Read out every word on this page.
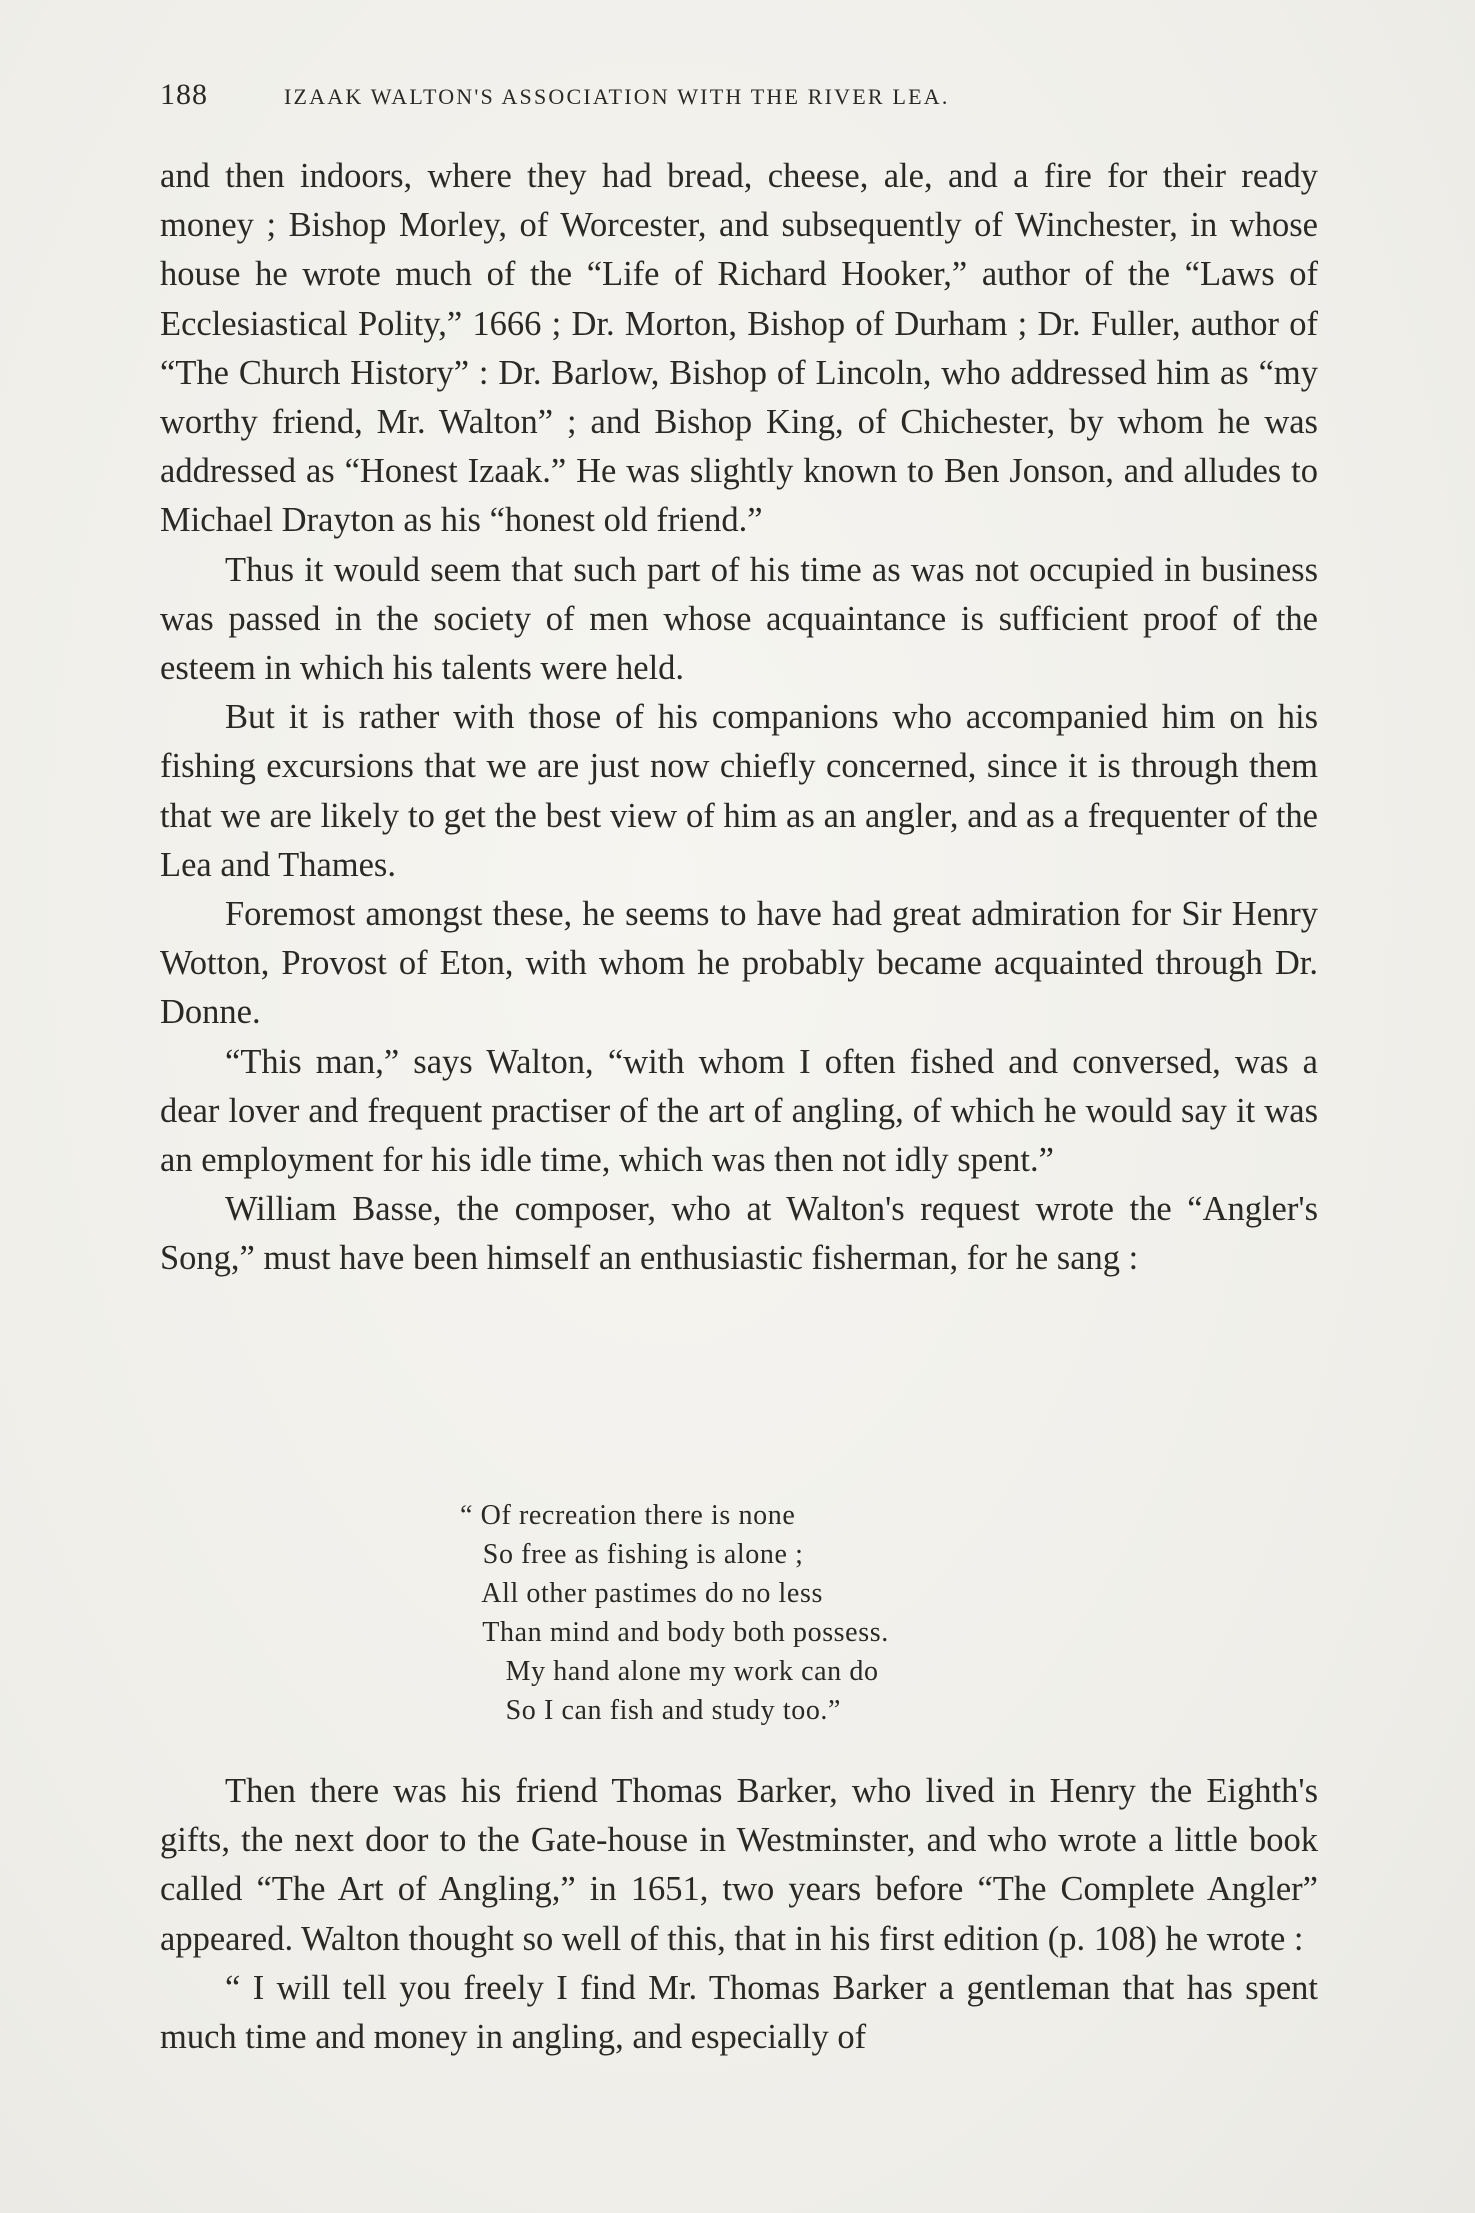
188	IZAAK WALTON'S ASSOCIATION WITH THE RIVER LEA.

and then indoors, where they had bread, cheese, ale, and a fire for their ready money ; Bishop Morley, of Worcester, and subsequently of Winchester, in whose house he wrote much of the “Life of Richard Hooker,” author of the “Laws of Ecclesiastical Polity,” 1666 ; Dr. Morton, Bishop of Durham ; Dr. Fuller, author of “The Church History” : Dr. Barlow, Bishop of Lincoln, who addressed him as “my worthy friend, Mr. Walton” ; and Bishop King, of Chichester, by whom he was addressed as “Honest Izaak.” He was slightly known to Ben Jonson, and alludes to Michael Drayton as his “honest old friend.”

Thus it would seem that such part of his time as was not occupied in business was passed in the society of men whose acquaintance is sufficient proof of the esteem in which his talents were held.

But it is rather with those of his companions who accompanied him on his fishing excursions that we are just now chiefly concerned, since it is through them that we are likely to get the best view of him as an angler, and as a frequenter of the Lea and Thames.

Foremost amongst these, he seems to have had great admiration for Sir Henry Wotton, Provost of Eton, with whom he probably became acquainted through Dr. Donne.

“This man,” says Walton, “with whom I often fished and conversed, was a dear lover and frequent practiser of the art of angling, of which he would say it was an employment for his idle time, which was then not idly spent.”

William Basse, the composer, who at Walton's request wrote the “Angler's Song,” must have been himself an enthusiastic fisherman, for he sang :

“ Of recreation there is none
So free as fishing is alone ;
All other pastimes do no less
Than mind and body both possess.
My hand alone my work can do
So I can fish and study too.”

Then there was his friend Thomas Barker, who lived in Henry the Eighth's gifts, the next door to the Gate-house in Westminster, and who wrote a little book called “The Art of Angling,” in 1651, two years before “The Complete Angler” appeared. Walton thought so well of this, that in his first edition (p. 108) he wrote :

“ I will tell you freely I find Mr. Thomas Barker a gentleman that has spent much time and money in angling, and especially of
